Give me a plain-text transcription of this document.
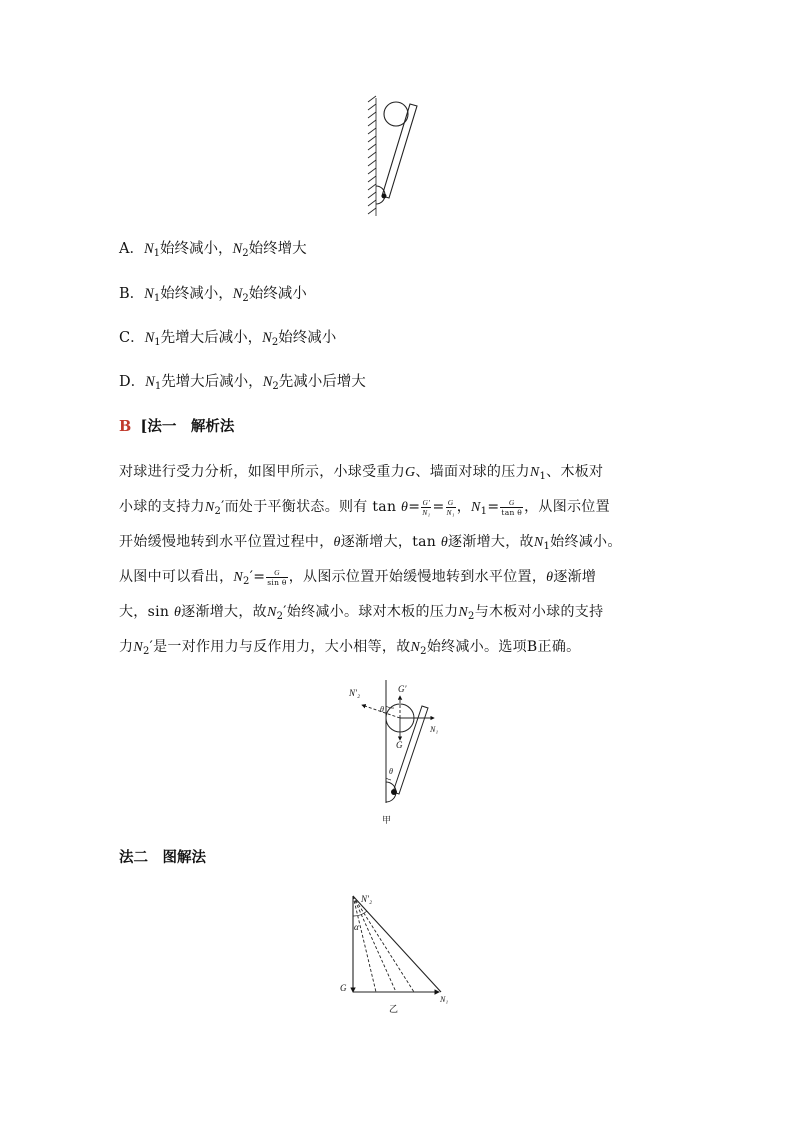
A．$N_1$始终减小，$N_2$始终增大
B．$N_1$始终减小，$N_2$始终减小
C．$N_1$先增大后减小，$N_2$始终减小
D．$N_1$先增大后减小，$N_2$先减小后增大
B [法一　解析法
对球进行受力分析，如图甲所示，小球受重力G、墙面对球的压力$N_1$、木板对
小球的支持力$N_2'$而处于平衡状态。则有 $\tan \theta= \frac{G'}{\text{N₁}} = \frac{G}{\text{N₁}}$ ，$N_1= \frac{G}{\text{tan θ}}$ ，从图示位置
开始缓慢地转到水平位置过程中，θ逐渐增大，tan θ逐渐增大，故$N_1$始终减小。
从图中可以看出，$N_2'= \frac{G}{\text{sin θ}}$ ，从图示位置开始缓慢地转到水平位置，θ逐渐增
大，sin θ逐渐增大，故$N_2'$始终减小。球对木板的压力$N_2$与木板对小球的支持
力$N_2'$是一对作用力与反作用力，大小相等，故$N_2$始终减小。选项B正确。
N′₂	G′
N₁
G
θ
θ
甲
法二　图解法
N′₂
α
G
N₁
乙
